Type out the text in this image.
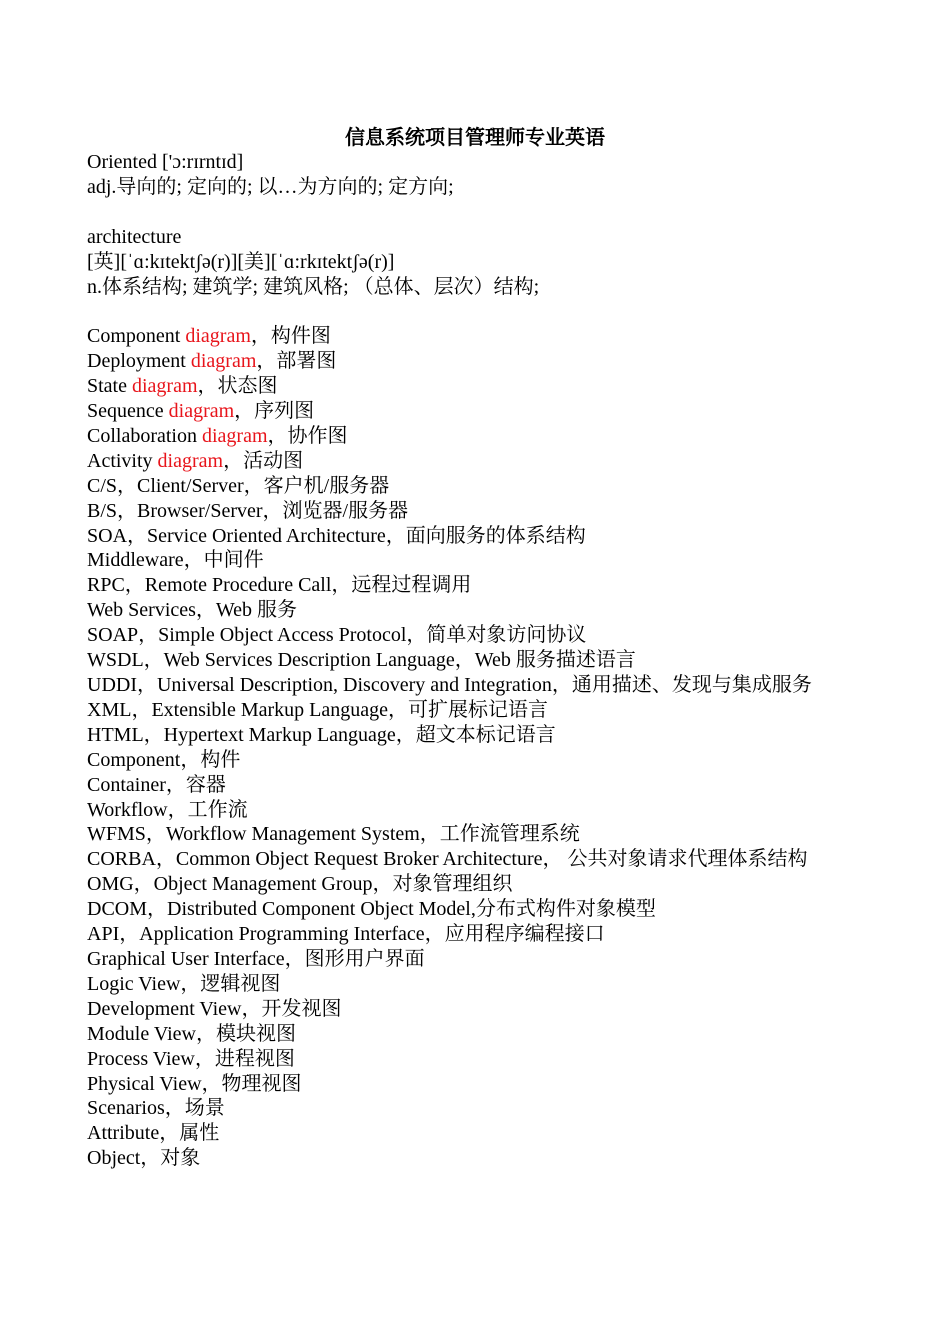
信息系统项目管理师专业英语
Oriented ['ɔ:rɪrntɪd]
adj.导向的; 定向的; 以…为方向的; 定方向;
architecture
[英][ˈɑ:kɪtektʃə(r)][美][ˈɑ:rkɪtektʃə(r)]
n.体系结构; 建筑学; 建筑风格; （总体、层次）结构;
Component diagram，构件图
Deployment diagram，部署图
State diagram，状态图
Sequence diagram，序列图
Collaboration diagram，协作图
Activity diagram，活动图
C/S，Client/Server，客户机/服务器
B/S，Browser/Server，浏览器/服务器
SOA，Service Oriented Architecture，面向服务的体系结构
Middleware，中间件
RPC，Remote Procedure Call，远程过程调用
Web Services，Web 服务
SOAP，Simple Object Access Protocol，简单对象访问协议
WSDL，Web Services Description Language，Web 服务描述语言
UDDI，Universal Description, Discovery and Integration，通用描述、发现与集成服务
XML，Extensible Markup Language，可扩展标记语言
HTML，Hypertext Markup Language，超文本标记语言
Component，构件
Container，容器
Workflow，工作流
WFMS，Workflow Management System，工作流管理系统
CORBA，Common Object Request Broker Architecture， 公共对象请求代理体系结构
OMG，Object Management Group，对象管理组织
DCOM，Distributed Component Object Model,分布式构件对象模型
API，Application Programming Interface，应用程序编程接口
Graphical User Interface，图形用户界面
Logic View，逻辑视图
Development View，开发视图
Module View，模块视图
Process View，进程视图
Physical View，物理视图
Scenarios，场景
Attribute，属性
Object，对象
